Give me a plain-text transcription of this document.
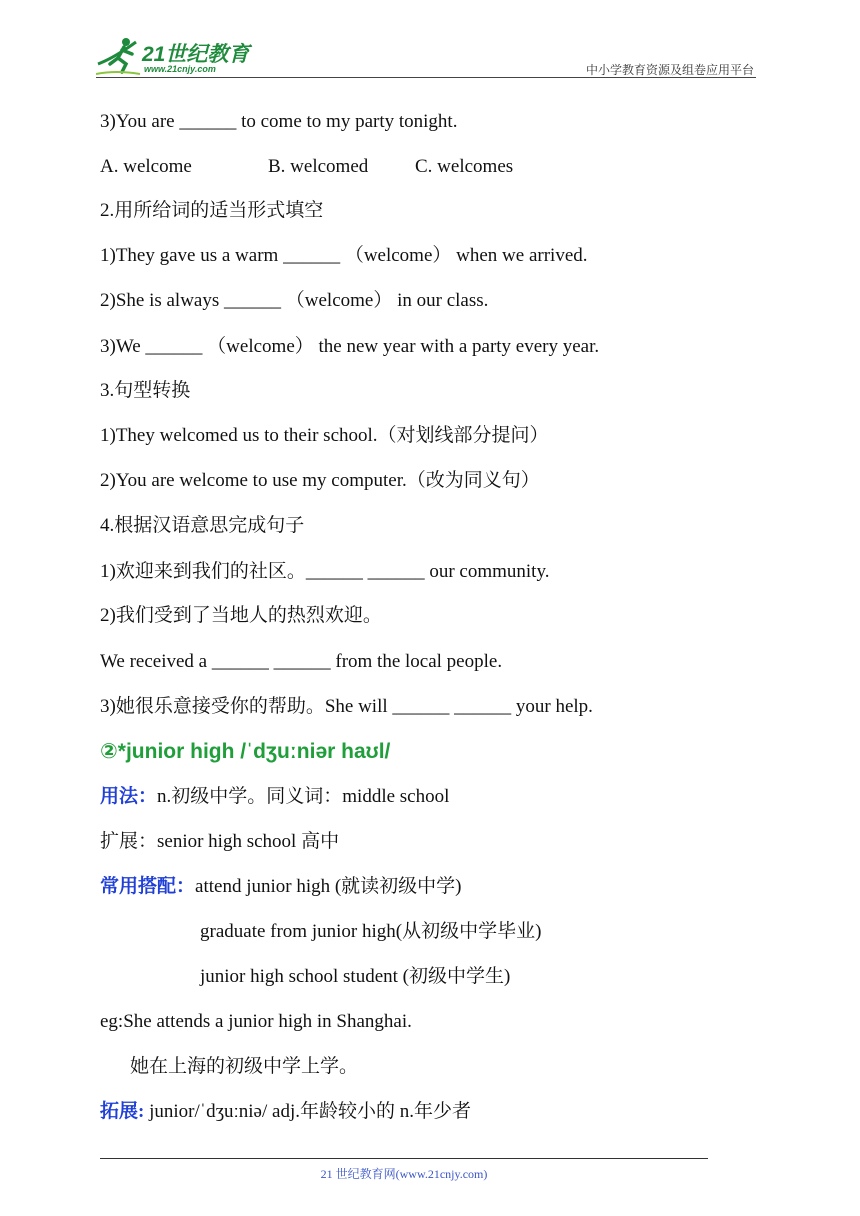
21世纪教育
www.21cnjy.com	中小学教育资源及组卷应用平台
3)You are ______ to come to my party tonight.
A. welcome	B. welcomed C. welcomes
2.用所给词的适当形式填空
1)They gave us a warm ______ （welcome） when we arrived.
2)She is always ______ （welcome） in our class.
3)We ______ （welcome） the new year with a party every year.
3.句型转换
1)They welcomed us to their school.（对划线部分提问）
2)You are welcome to use my computer.（改为同义句）
4.根据汉语意思完成句子
1)欢迎来到我们的社区。______ ______ our community.
2)我们受到了当地人的热烈欢迎。
We received a ______ ______ from the local people.
3)她很乐意接受你的帮助。She will ______ ______ your help.
②*junior high /ˈdʒuːniər haʊl/
用法：n.初级中学。同义词：middle school
扩展：senior high school 高中
常用搭配：attend junior high (就读初级中学)
graduate from junior high(从初级中学毕业)
junior high school student (初级中学生)
eg:She attends a junior high in Shanghai.
她在上海的初级中学上学。
拓展: junior/ˈdʒuːniə/ adj.年龄较小的 n.年少者
21 世纪教育网(www.21cnjy.com)
